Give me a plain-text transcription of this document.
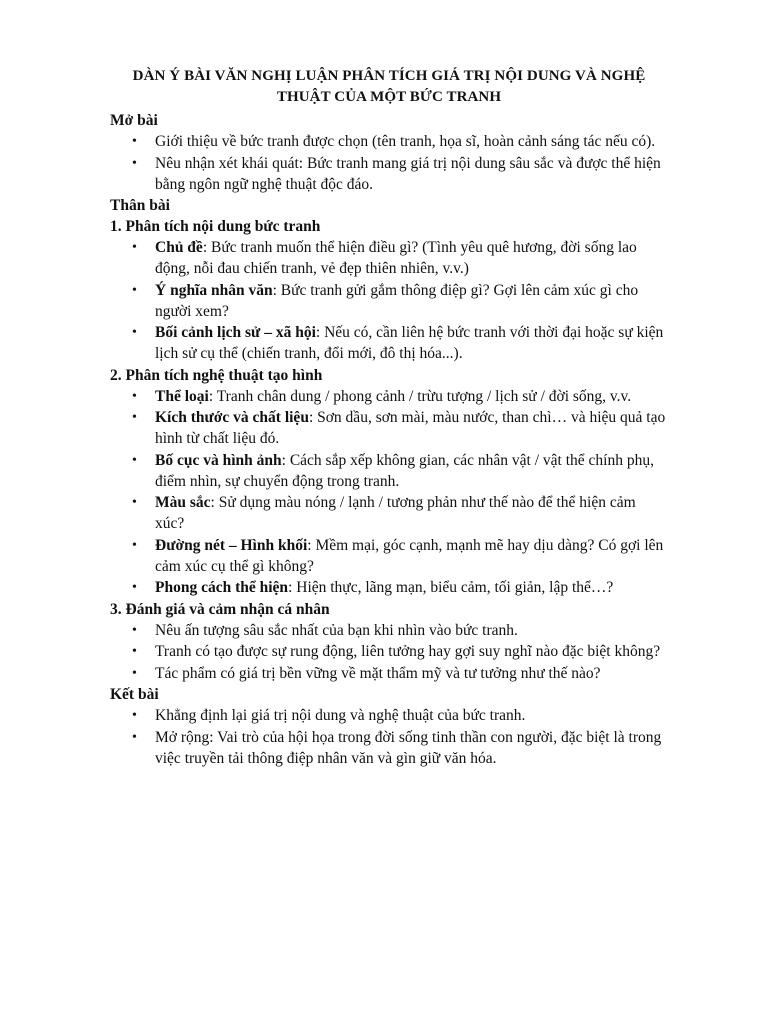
DÀN Ý BÀI VĂN NGHỊ LUẬN PHÂN TÍCH GIÁ TRỊ NỘI DUNG VÀ NGHỆ
THUẬT CỦA MỘT BỨC TRANH
Mở bài
• Giới thiệu về bức tranh được chọn (tên tranh, họa sĩ, hoàn cảnh sáng tác nếu có).
• Nêu nhận xét khái quát: Bức tranh mang giá trị nội dung sâu sắc và được thể hiện bằng ngôn ngữ nghệ thuật độc đáo.
Thân bài
1. Phân tích nội dung bức tranh
• Chủ đề: Bức tranh muốn thể hiện điều gì? (Tình yêu quê hương, đời sống lao động, nỗi đau chiến tranh, vẻ đẹp thiên nhiên, v.v.)
• Ý nghĩa nhân văn: Bức tranh gửi gắm thông điệp gì? Gợi lên cảm xúc gì cho người xem?
• Bối cảnh lịch sử – xã hội: Nếu có, cần liên hệ bức tranh với thời đại hoặc sự kiện lịch sử cụ thể (chiến tranh, đổi mới, đô thị hóa...).
2. Phân tích nghệ thuật tạo hình
• Thể loại: Tranh chân dung / phong cảnh / trừu tượng / lịch sử / đời sống, v.v.
• Kích thước và chất liệu: Sơn dầu, sơn mài, màu nước, than chì… và hiệu quả tạo hình từ chất liệu đó.
• Bố cục và hình ảnh: Cách sắp xếp không gian, các nhân vật / vật thể chính phụ, điểm nhìn, sự chuyển động trong tranh.
• Màu sắc: Sử dụng màu nóng / lạnh / tương phản như thế nào để thể hiện cảm xúc?
• Đường nét – Hình khối: Mềm mại, góc cạnh, mạnh mẽ hay dịu dàng? Có gợi lên cảm xúc cụ thể gì không?
• Phong cách thể hiện: Hiện thực, lãng mạn, biểu cảm, tối giản, lập thể…?
3. Đánh giá và cảm nhận cá nhân
• Nêu ấn tượng sâu sắc nhất của bạn khi nhìn vào bức tranh.
• Tranh có tạo được sự rung động, liên tưởng hay gợi suy nghĩ nào đặc biệt không?
• Tác phẩm có giá trị bền vững về mặt thẩm mỹ và tư tưởng như thế nào?
Kết bài
• Khẳng định lại giá trị nội dung và nghệ thuật của bức tranh.
• Mở rộng: Vai trò của hội họa trong đời sống tinh thần con người, đặc biệt là trong việc truyền tải thông điệp nhân văn và gìn giữ văn hóa.
